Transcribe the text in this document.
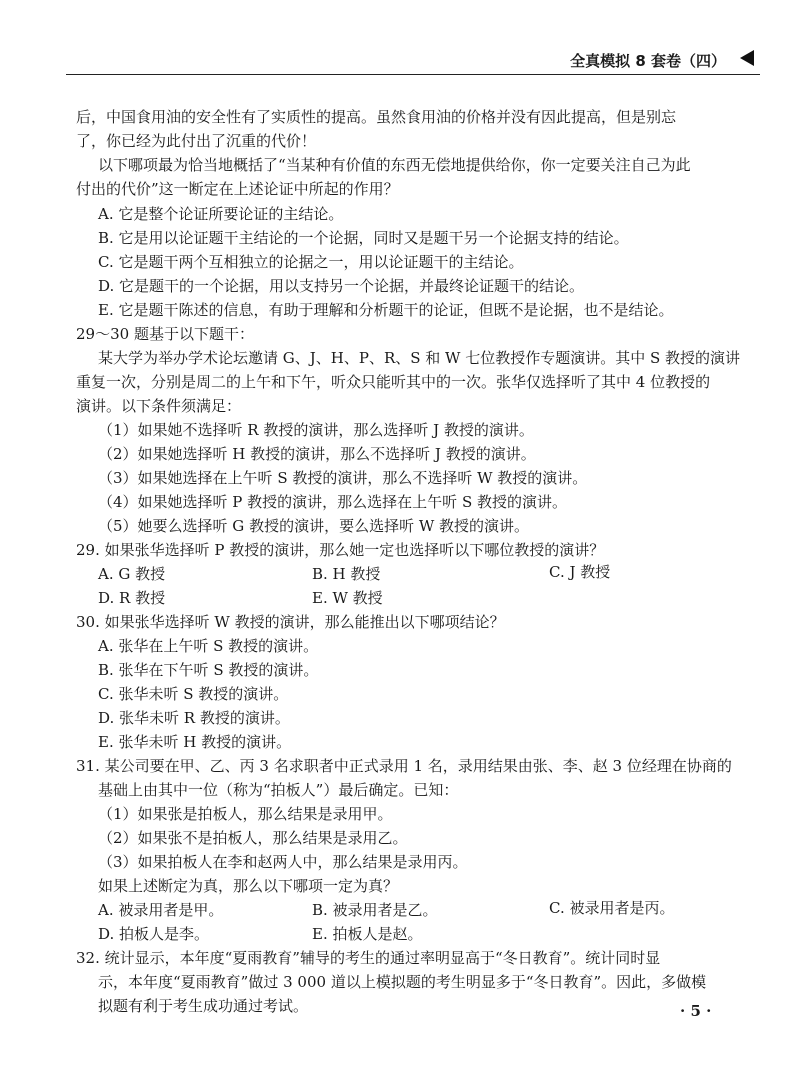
全真模拟 8 套卷（四）
后，中国食用油的安全性有了实质性的提高。虽然食用油的价格并没有因此提高，但是别忘
了，你已经为此付出了沉重的代价！
以下哪项最为恰当地概括了“当某种有价值的东西无偿地提供给你，你一定要关注自己为此
付出的代价”这一断定在上述论证中所起的作用？
A. 它是整个论证所要论证的主结论。
B. 它是用以论证题干主结论的一个论据，同时又是题干另一个论据支持的结论。
C. 它是题干两个互相独立的论据之一，用以论证题干的主结论。
D. 它是题干的一个论据，用以支持另一个论据，并最终论证题干的结论。
E. 它是题干陈述的信息，有助于理解和分析题干的论证，但既不是论据，也不是结论。
29～30 题基于以下题干：
某大学为举办学术论坛邀请 G、J、H、P、R、S 和 W 七位教授作专题演讲。其中 S 教授的演讲
重复一次，分别是周二的上午和下午，听众只能听其中的一次。张华仅选择听了其中 4 位教授的
演讲。以下条件须满足：
（1）如果她不选择听 R 教授的演讲，那么选择听 J 教授的演讲。
（2）如果她选择听 H 教授的演讲，那么不选择听 J 教授的演讲。
（3）如果她选择在上午听 S 教授的演讲，那么不选择听 W 教授的演讲。
（4）如果她选择听 P 教授的演讲，那么选择在上午听 S 教授的演讲。
（5）她要么选择听 G 教授的演讲，要么选择听 W 教授的演讲。
29. 如果张华选择听 P 教授的演讲，那么她一定也选择听以下哪位教授的演讲？
A. G 教授	B. H 教授	C. J 教授
D. R 教授	E. W 教授
30. 如果张华选择听 W 教授的演讲，那么能推出以下哪项结论？
A. 张华在上午听 S 教授的演讲。
B. 张华在下午听 S 教授的演讲。
C. 张华未听 S 教授的演讲。
D. 张华未听 R 教授的演讲。
E. 张华未听 H 教授的演讲。
31. 某公司要在甲、乙、丙 3 名求职者中正式录用 1 名，录用结果由张、李、赵 3 位经理在协商的
基础上由其中一位（称为“拍板人”）最后确定。已知：
（1）如果张是拍板人，那么结果是录用甲。
（2）如果张不是拍板人，那么结果是录用乙。
（3）如果拍板人在李和赵两人中，那么结果是录用丙。
如果上述断定为真，那么以下哪项一定为真？
A. 被录用者是甲。	B. 被录用者是乙。	C. 被录用者是丙。
D. 拍板人是李。	E. 拍板人是赵。
32. 统计显示，本年度“夏雨教育”辅导的考生的通过率明显高于“冬日教育”。统计同时显
示，本年度“夏雨教育”做过 3 000 道以上模拟题的考生明显多于“冬日教育”。因此，多做模
拟题有利于考生成功通过考试。	· 5 ·
